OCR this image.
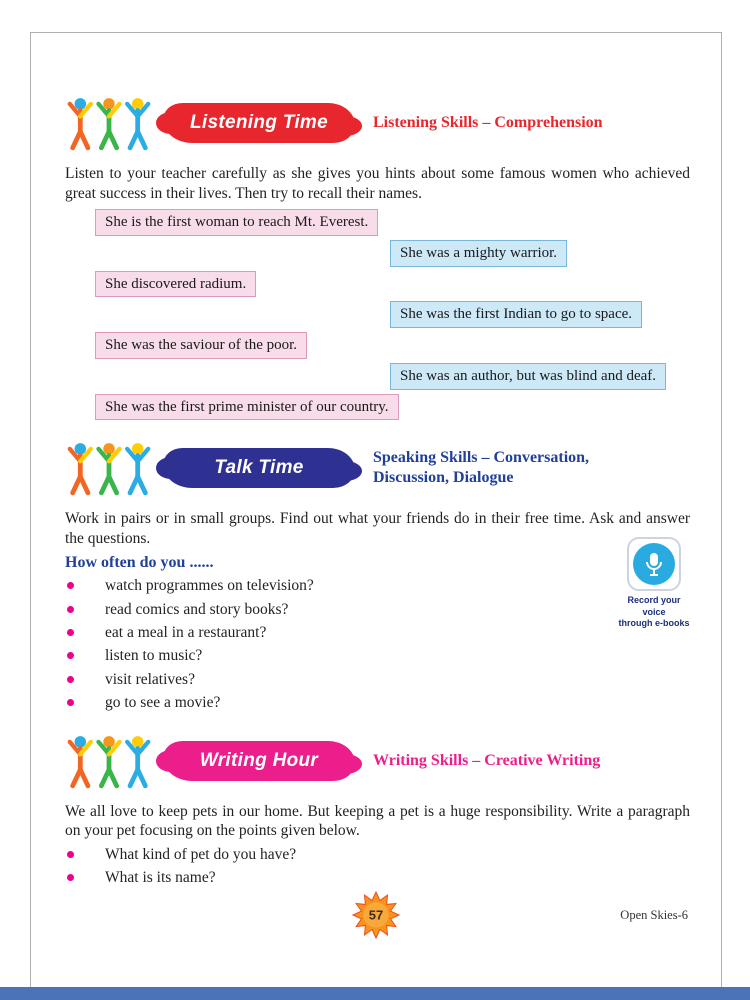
Listening Time	Listening Skills – Comprehension

Listen to your teacher carefully as she gives you hints about some famous women who achieved great success in their lives. Then try to recall their names.

She is the first woman to reach Mt. Everest.
She was a mighty warrior.
She discovered radium.
She was the first Indian to go to space.
She was the saviour of the poor.
She was an author, but was blind and deaf.
She was the first prime minister of our country.
Talk Time	Speaking Skills – Conversation, Discussion, Dialogue

Work in pairs or in small groups. Find out what your friends do in their free time. Ask and answer the questions.

How often do you ......
watch programmes on television?
read comics and story books?
eat a meal in a restaurant?
listen to music?
visit relatives?
go to see a movie?
Record your voice
through e-books
Writing Hour	Writing Skills – Creative Writing

We all love to keep pets in our home. But keeping a pet is a huge responsibility. Write a paragraph on your pet focusing on the points given below.

What kind of pet do you have?
What is its name?
57	Open Skies-6
